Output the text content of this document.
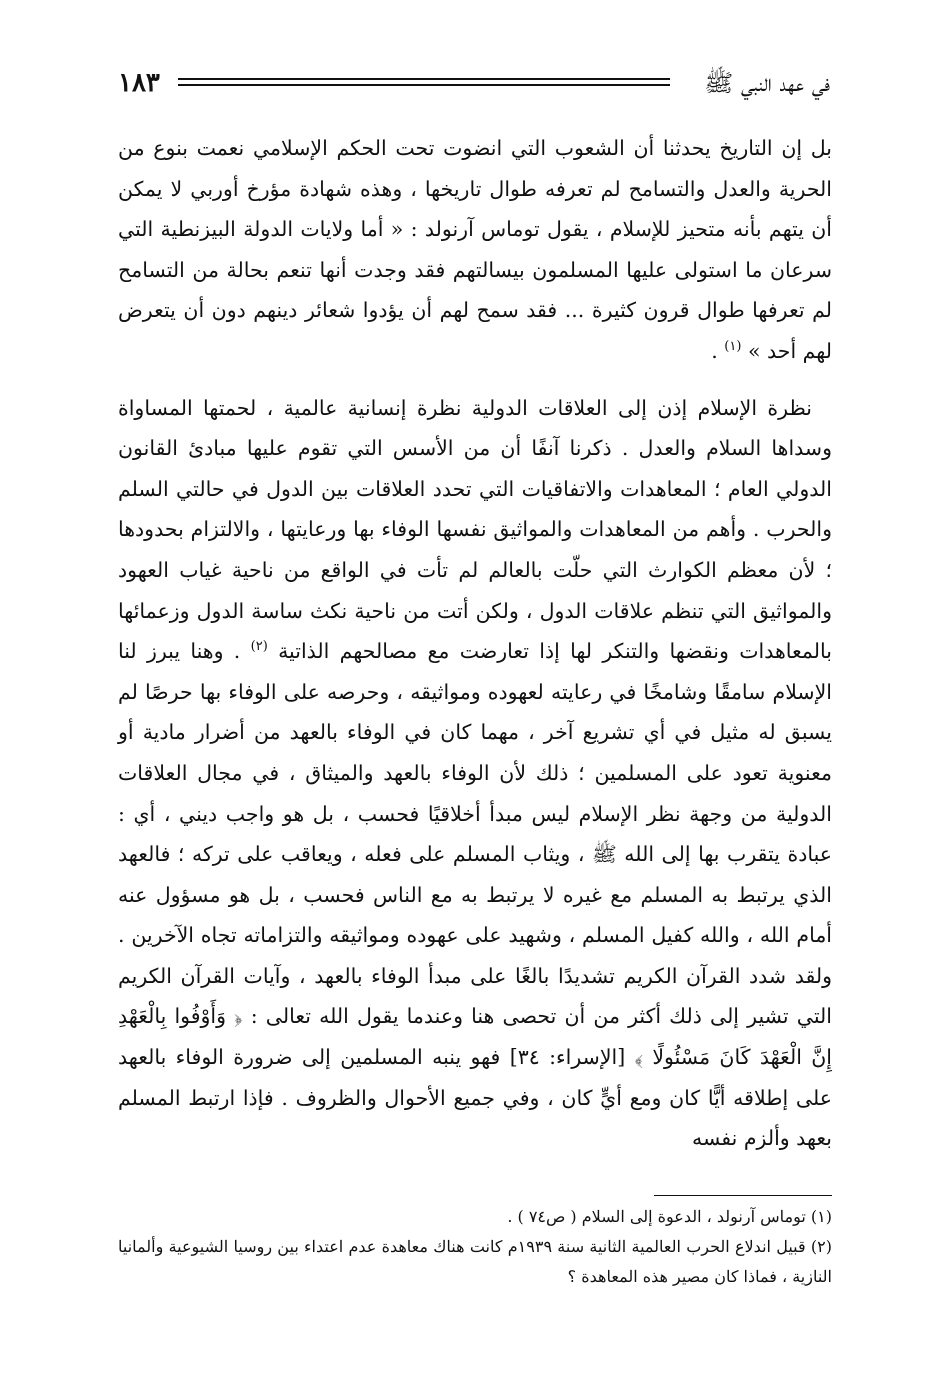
في عهد النبي ﷺ
١٨٣

بل إن التاريخ يحدثنا أن الشعوب التي انضوت تحت الحكم الإسلامي نعمت بنوع من الحرية والعدل والتسامح لم تعرفه طوال تاريخها ، وهذه شهادة مؤرخ أوربي لا يمكن أن يتهم بأنه متحيز للإسلام ، يقول توماس آرنولد : « أما ولايات الدولة البيزنطية التي سرعان ما استولى عليها المسلمون بيسالتهم فقد وجدت أنها تنعم بحالة من التسامح لم تعرفها طوال قرون كثيرة ... فقد سمح لهم أن يؤدوا شعائر دينهم دون أن يتعرض لهم أحد » $^{(١)}$ .

نظرة الإسلام إذن إلى العلاقات الدولية نظرة إنسانية عالمية ، لحمتها المساواة وسداها السلام والعدل . ذكرنا آنفًا أن من الأسس التي تقوم عليها مبادئ القانون الدولي العام ؛ المعاهدات والاتفاقيات التي تحدد العلاقات بين الدول في حالتي السلم والحرب . وأهم من المعاهدات والمواثيق نفسها الوفاء بها ورعايتها ، والالتزام بحدودها ؛ لأن معظم الكوارث التي حلّت بالعالم لم تأت في الواقع من ناحية غياب العهود والمواثيق التي تنظم علاقات الدول ، ولكن أتت من ناحية نكث ساسة الدول وزعمائها بالمعاهدات ونقضها والتنكر لها إذا تعارضت مع مصالحهم الذاتية $^{(٢)}$ . وهنا يبرز لنا الإسلام سامقًا وشامخًا في رعايته لعهوده ومواثيقه ، وحرصه على الوفاء بها حرصًا لم يسبق له مثيل في أي تشريع آخر ، مهما كان في الوفاء بالعهد من أضرار مادية أو معنوية تعود على المسلمين ؛ ذلك لأن الوفاء بالعهد والميثاق ، في مجال العلاقات الدولية من وجهة نظر الإسلام ليس مبدأ أخلاقيًا فحسب ، بل هو واجب ديني ، أي : عبادة يتقرب بها إلى الله ﷺ ، ويثاب المسلم على فعله ، ويعاقب على تركه ؛ فالعهد الذي يرتبط به المسلم مع غيره لا يرتبط به مع الناس فحسب ، بل هو مسؤول عنه أمام الله ، والله كفيل المسلم ، وشهيد على عهوده ومواثيقه والتزاماته تجاه الآخرين . ولقد شدد القرآن الكريم تشديدًا بالغًا على مبدأ الوفاء بالعهد ، وآيات القرآن الكريم التي تشير إلى ذلك أكثر من أن تحصى هنا وعندما يقول الله تعالى : ﴿ وَأَوْفُوا بِالْعَهْدِ إِنَّ الْعَهْدَ كَانَ مَسْئُولًا ﴾ [الإسراء: ٣٤] فهو ينبه المسلمين إلى ضرورة الوفاء بالعهد على إطلاقه أيًّا كان ومع أيٍّ كان ، وفي جميع الأحوال والظروف . فإذا ارتبط المسلم بعهد وألزم نفسه

(١) توماس آرنولد ، الدعوة إلى السلام ( ص٧٤ ) .

(٢) قبيل اندلاع الحرب العالمية الثانية سنة ١٩٣٩م كانت هناك معاهدة عدم اعتداء بين روسيا الشيوعية وألمانيا النازية ، فماذا كان مصير هذه المعاهدة ؟
